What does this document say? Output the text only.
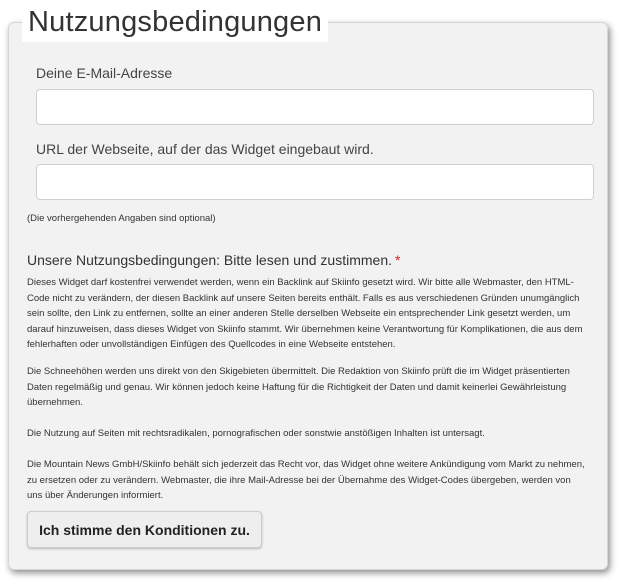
Deine E-Mail-Adresse
URL der Webseite, auf der das Widget eingebaut wird.
Nutzungsbedingungen
(Die vorhergehenden Angaben sind optional)
Unsere Nutzungsbedingungen: Bitte lesen und zustimmen. *

Dieses Widget darf kostenfrei verwendet werden, wenn ein Backlink auf Skiinfo gesetzt wird. Wir bitte alle Webmaster, den HTML-Code nicht zu verändern, der diesen Backlink auf unsere Seiten bereits enthält. Falls es aus verschiedenen Gründen unumgänglich sein sollte, den Link zu entfernen, sollte an einer anderen Stelle derselben Webseite ein entsprechender Link gesetzt werden, um darauf hinzuweisen, dass dieses Widget von Skiinfo stammt. Wir übernehmen keine Verantwortung für Komplikationen, die aus dem fehlerhaften oder unvollständigen Einfügen des Quellcodes in eine Webseite entstehen.

Die Schneehöhen werden uns direkt von den Skigebieten übermittelt. Die Redaktion von Skiinfo prüft die im Widget präsentierten Daten regelmäßig und genau. Wir können jedoch keine Haftung für die Richtigkeit der Daten und damit keinerlei Gewährleistung übernehmen.

Die Nutzung auf Seiten mit rechtsradikalen, pornografischen oder sonstwie anstößigen Inhalten ist untersagt.

Die Mountain News GmbH/Skiinfo behält sich jederzeit das Recht vor, das Widget ohne weitere Ankündigung vom Markt zu nehmen, zu ersetzen oder zu verändern. Webmaster, die ihre Mail-Adresse bei der Übernahme des Widget-Codes übergeben, werden von uns über Änderungen informiert.

Ich stimme den Konditionen zu.
